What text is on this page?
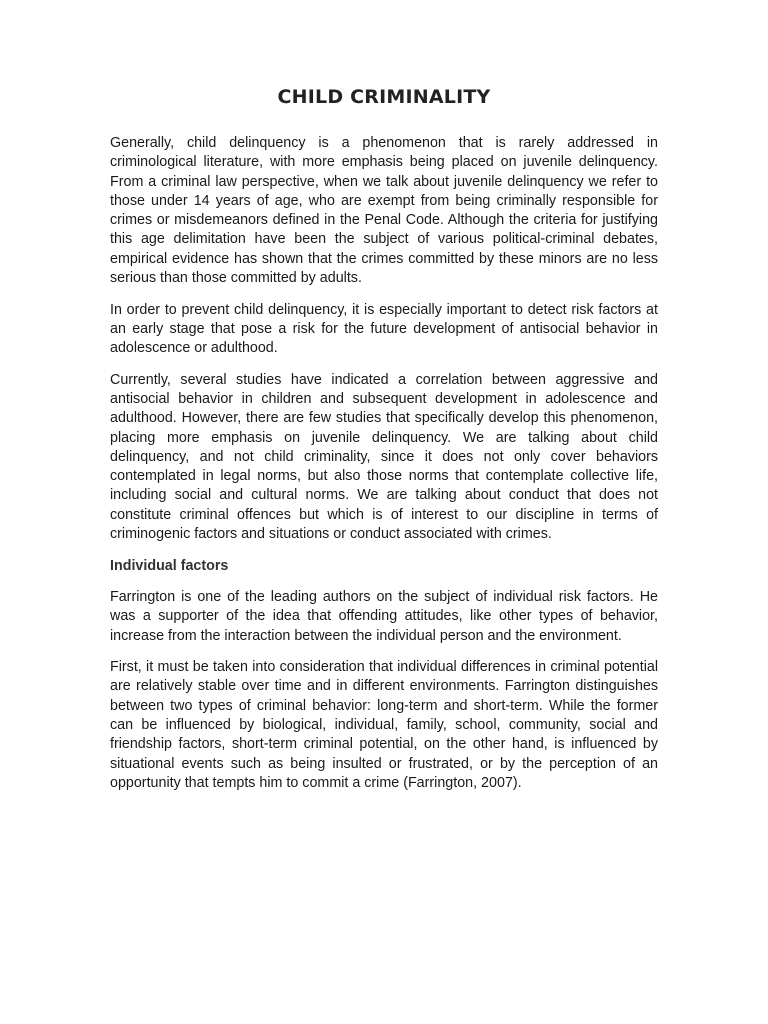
CHILD CRIMINALITY

Generally, child delinquency is a phenomenon that is rarely addressed in criminological literature, with more emphasis being placed on juvenile delinquency. From a criminal law perspective, when we talk about juvenile delinquency we refer to those under 14 years of age, who are exempt from being criminally responsible for crimes or misdemeanors defined in the Penal Code. Although the criteria for justifying this age delimitation have been the subject of various political-criminal debates, empirical evidence has shown that the crimes committed by these minors are no less serious than those committed by adults.

In order to prevent child delinquency, it is especially important to detect risk factors at an early stage that pose a risk for the future development of antisocial behavior in adolescence or adulthood.

Currently, several studies have indicated a correlation between aggressive and antisocial behavior in children and subsequent development in adolescence and adulthood. However, there are few studies that specifically develop this phenomenon, placing more emphasis on juvenile delinquency. We are talking about child delinquency, and not child criminality, since it does not only cover behaviors contemplated in legal norms, but also those norms that contemplate collective life, including social and cultural norms. We are talking about conduct that does not constitute criminal offences but which is of interest to our discipline in terms of criminogenic factors and situations or conduct associated with crimes.

Individual factors

Farrington is one of the leading authors on the subject of individual risk factors. He was a supporter of the idea that offending attitudes, like other types of behavior, increase from the interaction between the individual person and the environment.

First, it must be taken into consideration that individual differences in criminal potential are relatively stable over time and in different environments. Farrington distinguishes between two types of criminal behavior: long-term and short-term. While the former can be influenced by biological, individual, family, school, community, social and friendship factors, short-term criminal potential, on the other hand, is influenced by situational events such as being insulted or frustrated, or by the perception of an opportunity that tempts him to commit a crime (Farrington, 2007).
